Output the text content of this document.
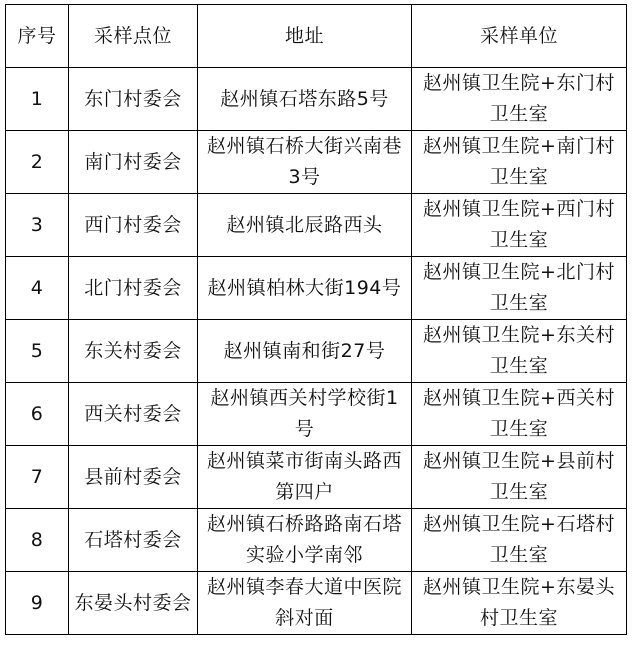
序号	采样点位	地址	采样单位
1	东门村委会	赵州镇石塔东路5号	赵州镇卫生院+东门村卫生室
2	南门村委会	赵州镇石桥大街兴南巷3号	赵州镇卫生院+南门村卫生室
3	西门村委会	赵州镇北辰路西头	赵州镇卫生院+西门村卫生室
4	北门村委会	赵州镇柏林大街194号	赵州镇卫生院+北门村卫生室
5	东关村委会	赵州镇南和街27号	赵州镇卫生院+东关村卫生室
6	西关村委会	赵州镇西关村学校街1号	赵州镇卫生院+西关村卫生室
7	县前村委会	赵州镇菜市街南头路西第四户	赵州镇卫生院+县前村卫生室
8	石塔村委会	赵州镇石桥路路南石塔实验小学南邻	赵州镇卫生院+石塔村卫生室
9	东晏头村委会	赵州镇李春大道中医院斜对面	赵州镇卫生院+东晏头村卫生室
